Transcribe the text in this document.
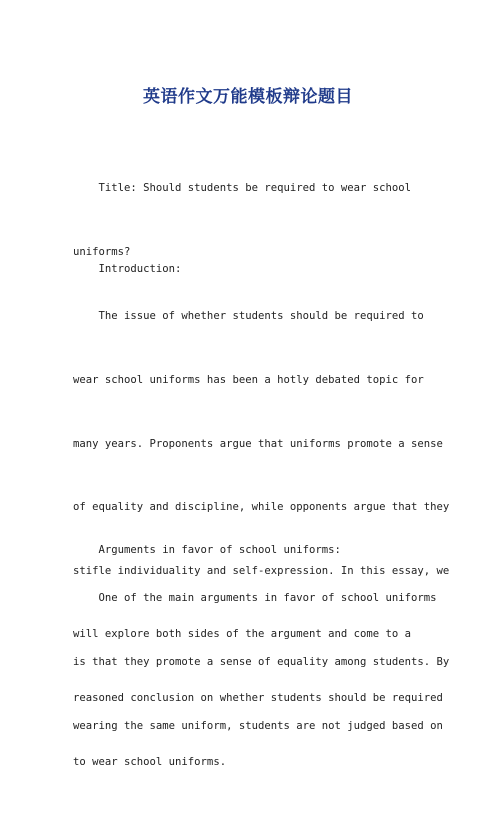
英语作文万能模板辩论题目

Title: Should students be required to wear school

uniforms?

Introduction:

The issue of whether students should be required to

wear school uniforms has been a hotly debated topic for

many years. Proponents argue that uniforms promote a sense

of equality and discipline, while opponents argue that they

stifle individuality and self-expression. In this essay, we

will explore both sides of the argument and come to a

reasoned conclusion on whether students should be required

to wear school uniforms.

Arguments in favor of school uniforms:

One of the main arguments in favor of school uniforms

is that they promote a sense of equality among students. By

wearing the same uniform, students are not judged based on
